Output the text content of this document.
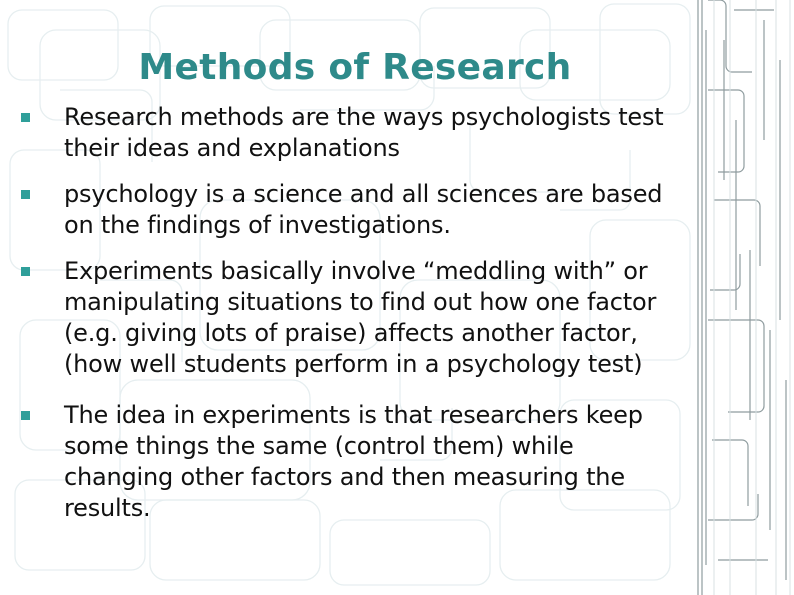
Methods of Research
Research methods are the ways psychologists test their ideas and explanations
psychology is a science and all sciences are based on the findings of investigations.
Experiments basically involve “meddling with” or manipulating situations to find out how one factor (e.g. giving lots of praise) affects another factor, (how well students perform in a psychology test)
The idea in experiments is that researchers keep some things the same (control them) while changing other factors and then measuring the results.
